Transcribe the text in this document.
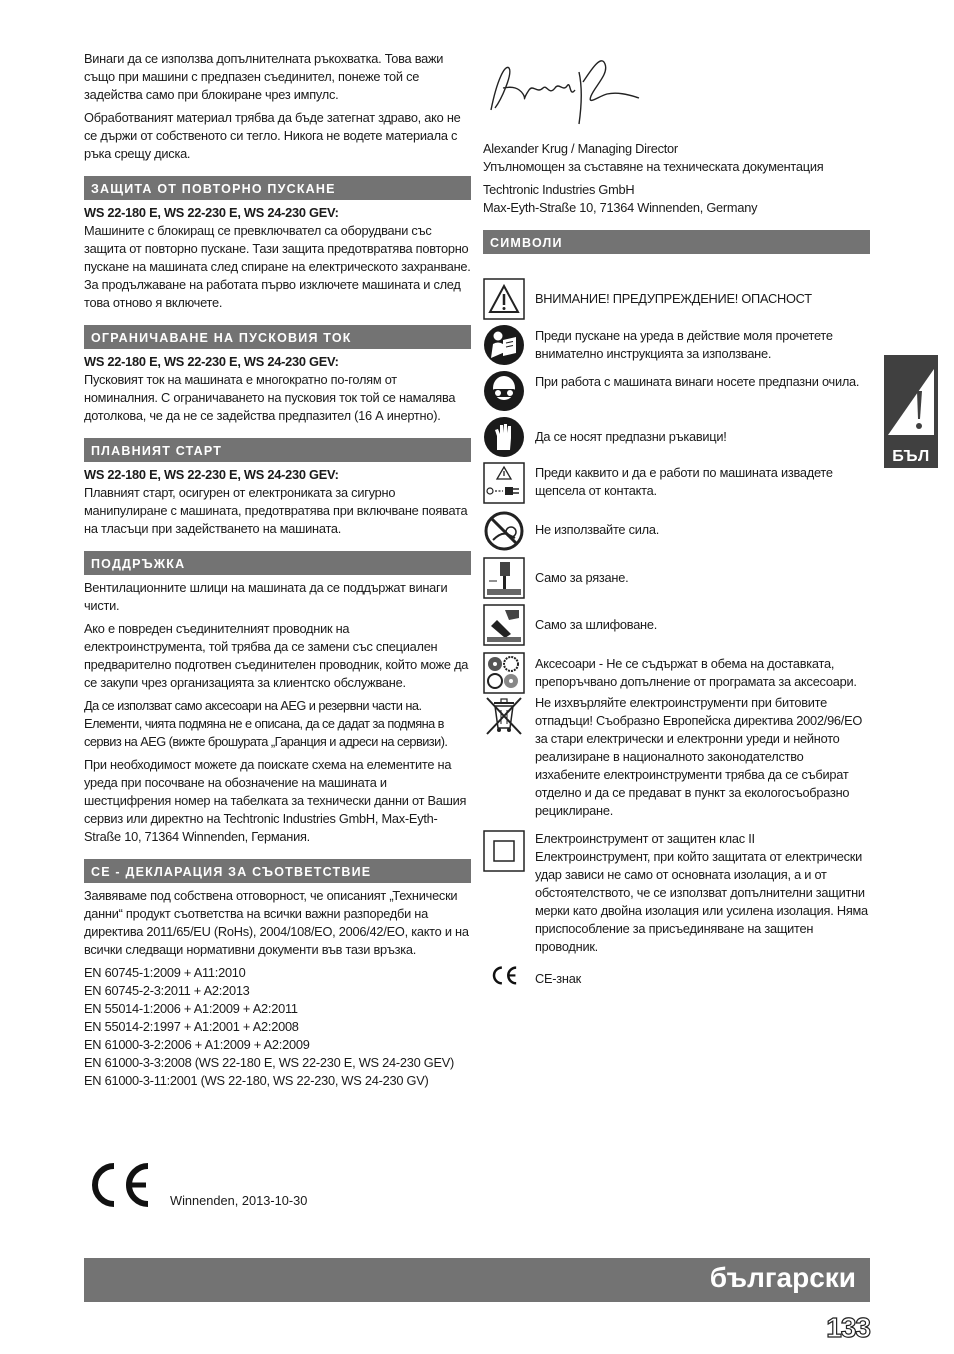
Винаги да се използва допълнителната ръкохватка. Това важи също при машини с предпазен съединител, понеже той се задейства само при блокиране чрез импулс.

Обработваният материал трябва да бъде затегнат здраво, ако не се държи от собственото си тегло. Никога не водете материала с ръка срещу диска.

ЗАЩИТА ОТ ПОВТОРНО ПУСКАНЕ

WS 22-180 E, WS 22-230 E, WS 24-230 GEV:

Машините с блокиращ се превключвател са оборудвани със защита от повторно пускане. Тази защита предотвратява повторно пускане на машината след спиране на електрическото захранване. За продължаване на работата първо изключете машината и след това отново я включете.

ОГРАНИЧАВАНЕ НА ПУСКОВИЯ ТОК

WS 22-180 E, WS 22-230 E, WS 24-230 GEV:

Пусковият ток на машината е многократно по-голям от номиналния. С ограничаването на пусковия ток той се намалява дотолкова, че да не се задейства предпазител (16 А инертно).

ПЛАВНИЯТ СТАРТ

WS 22-180 E, WS 22-230 E, WS 24-230 GEV:

Плавният старт, осигурен от електрониката за сигурно манипулиране с машината, предотвратява при включване появата на тласъци при задействането на машината.

ПОДДРЪЖКА

Вентилационните шлици на машината да се поддържат винаги чисти.

Ако е повреден съединителният проводник на електроинструмента, той трябва да се замени със специален предварително подготвен съединителен проводник, който може да се закупи чрез организацията за клиентско обслужване.

Да се използват само аксесоари на AEG и резервни части на. Елементи, чията подмяна не е описана, да се дадат за подмяна в сервиз на AEG (вижте брошурата „Гаранция и адреси на сервизи).

При необходимост можете да поискате схема на елементите на уреда при посочване на обозначение на машината и шестцифрения номер на табелката за технически данни от Вашия сервиз или директно на Techtronic Industries GmbH, Max-Eyth-Straße 10, 71364 Winnenden, Германия.

CE - ДЕКЛАРАЦИЯ ЗА СЪОТВЕТСТВИЕ

Заявяваме под собствена отговорност, че описаният „Технически данни“ продукт съответства на всички важни разпоредби на директива 2011/65/EU (RoHs), 2004/108/EO, 2006/42/EO, както и на всички следващи нормативни документи във тази връзка.

EN 60745-1:2009 + A11:2010

EN 60745-2-3:2011 + A2:2013

EN 55014-1:2006 + A1:2009 + A2:2011

EN 55014-2:1997 + A1:2001 + A2:2008

EN 61000-3-2:2006 + A1:2009 + A2:2009

EN 61000-3-3:2008 (WS 22-180 E, WS 22-230 E, WS 24-230 GEV)

EN 61000-3-11:2001 (WS 22-180, WS 22-230, WS 24-230 GV)

Winnenden, 2013-10-30

Alexander Krug / Managing Director

Упълномощен за съставяне на техническата документация

Techtronic Industries GmbH

Max-Eyth-Straße 10, 71364 Winnenden, Germany

СИМВОЛИ

ВНИМАНИЕ! ПРЕДУПРЕЖДЕНИЕ! ОПАСНОСТ

Преди пускане на уреда в действие моля прочетете внимателно инструкцията за използване.

При работа с машината винаги носете предпазни очила.

Да се носят предпазни ръкавици!

Преди каквито и да е работи по машината извадете щепсела от контакта.

Не използвайте сила.

Само за рязане.

Само за шлифоване.

Аксесоари - Не се съдържат в обема на доставката, препоръчвано допълнение от програмата за аксесоари.

Не изхвърляйте електроинструменти при битовите отпадъци! Съобразно Европейска директива 2002/96/EО за стари електрически и електронни уреди и нейното реализиране в националното законодателство изхабените електроинструменти трябва да се събират отделно и да се предават в пункт за екологосъобразно рециклиране.

Електроинструмент от защитен клас II Електроинструмент, при който защитата от електрически удар зависи не само от основната изолация, а и от обстоятелството, че се използват допълнителни защитни мерки като двойна изолация или усилена изолация. Няма приспособление за присъединяване на защитен проводник.

CE-знак

БЪЛ
български
133
